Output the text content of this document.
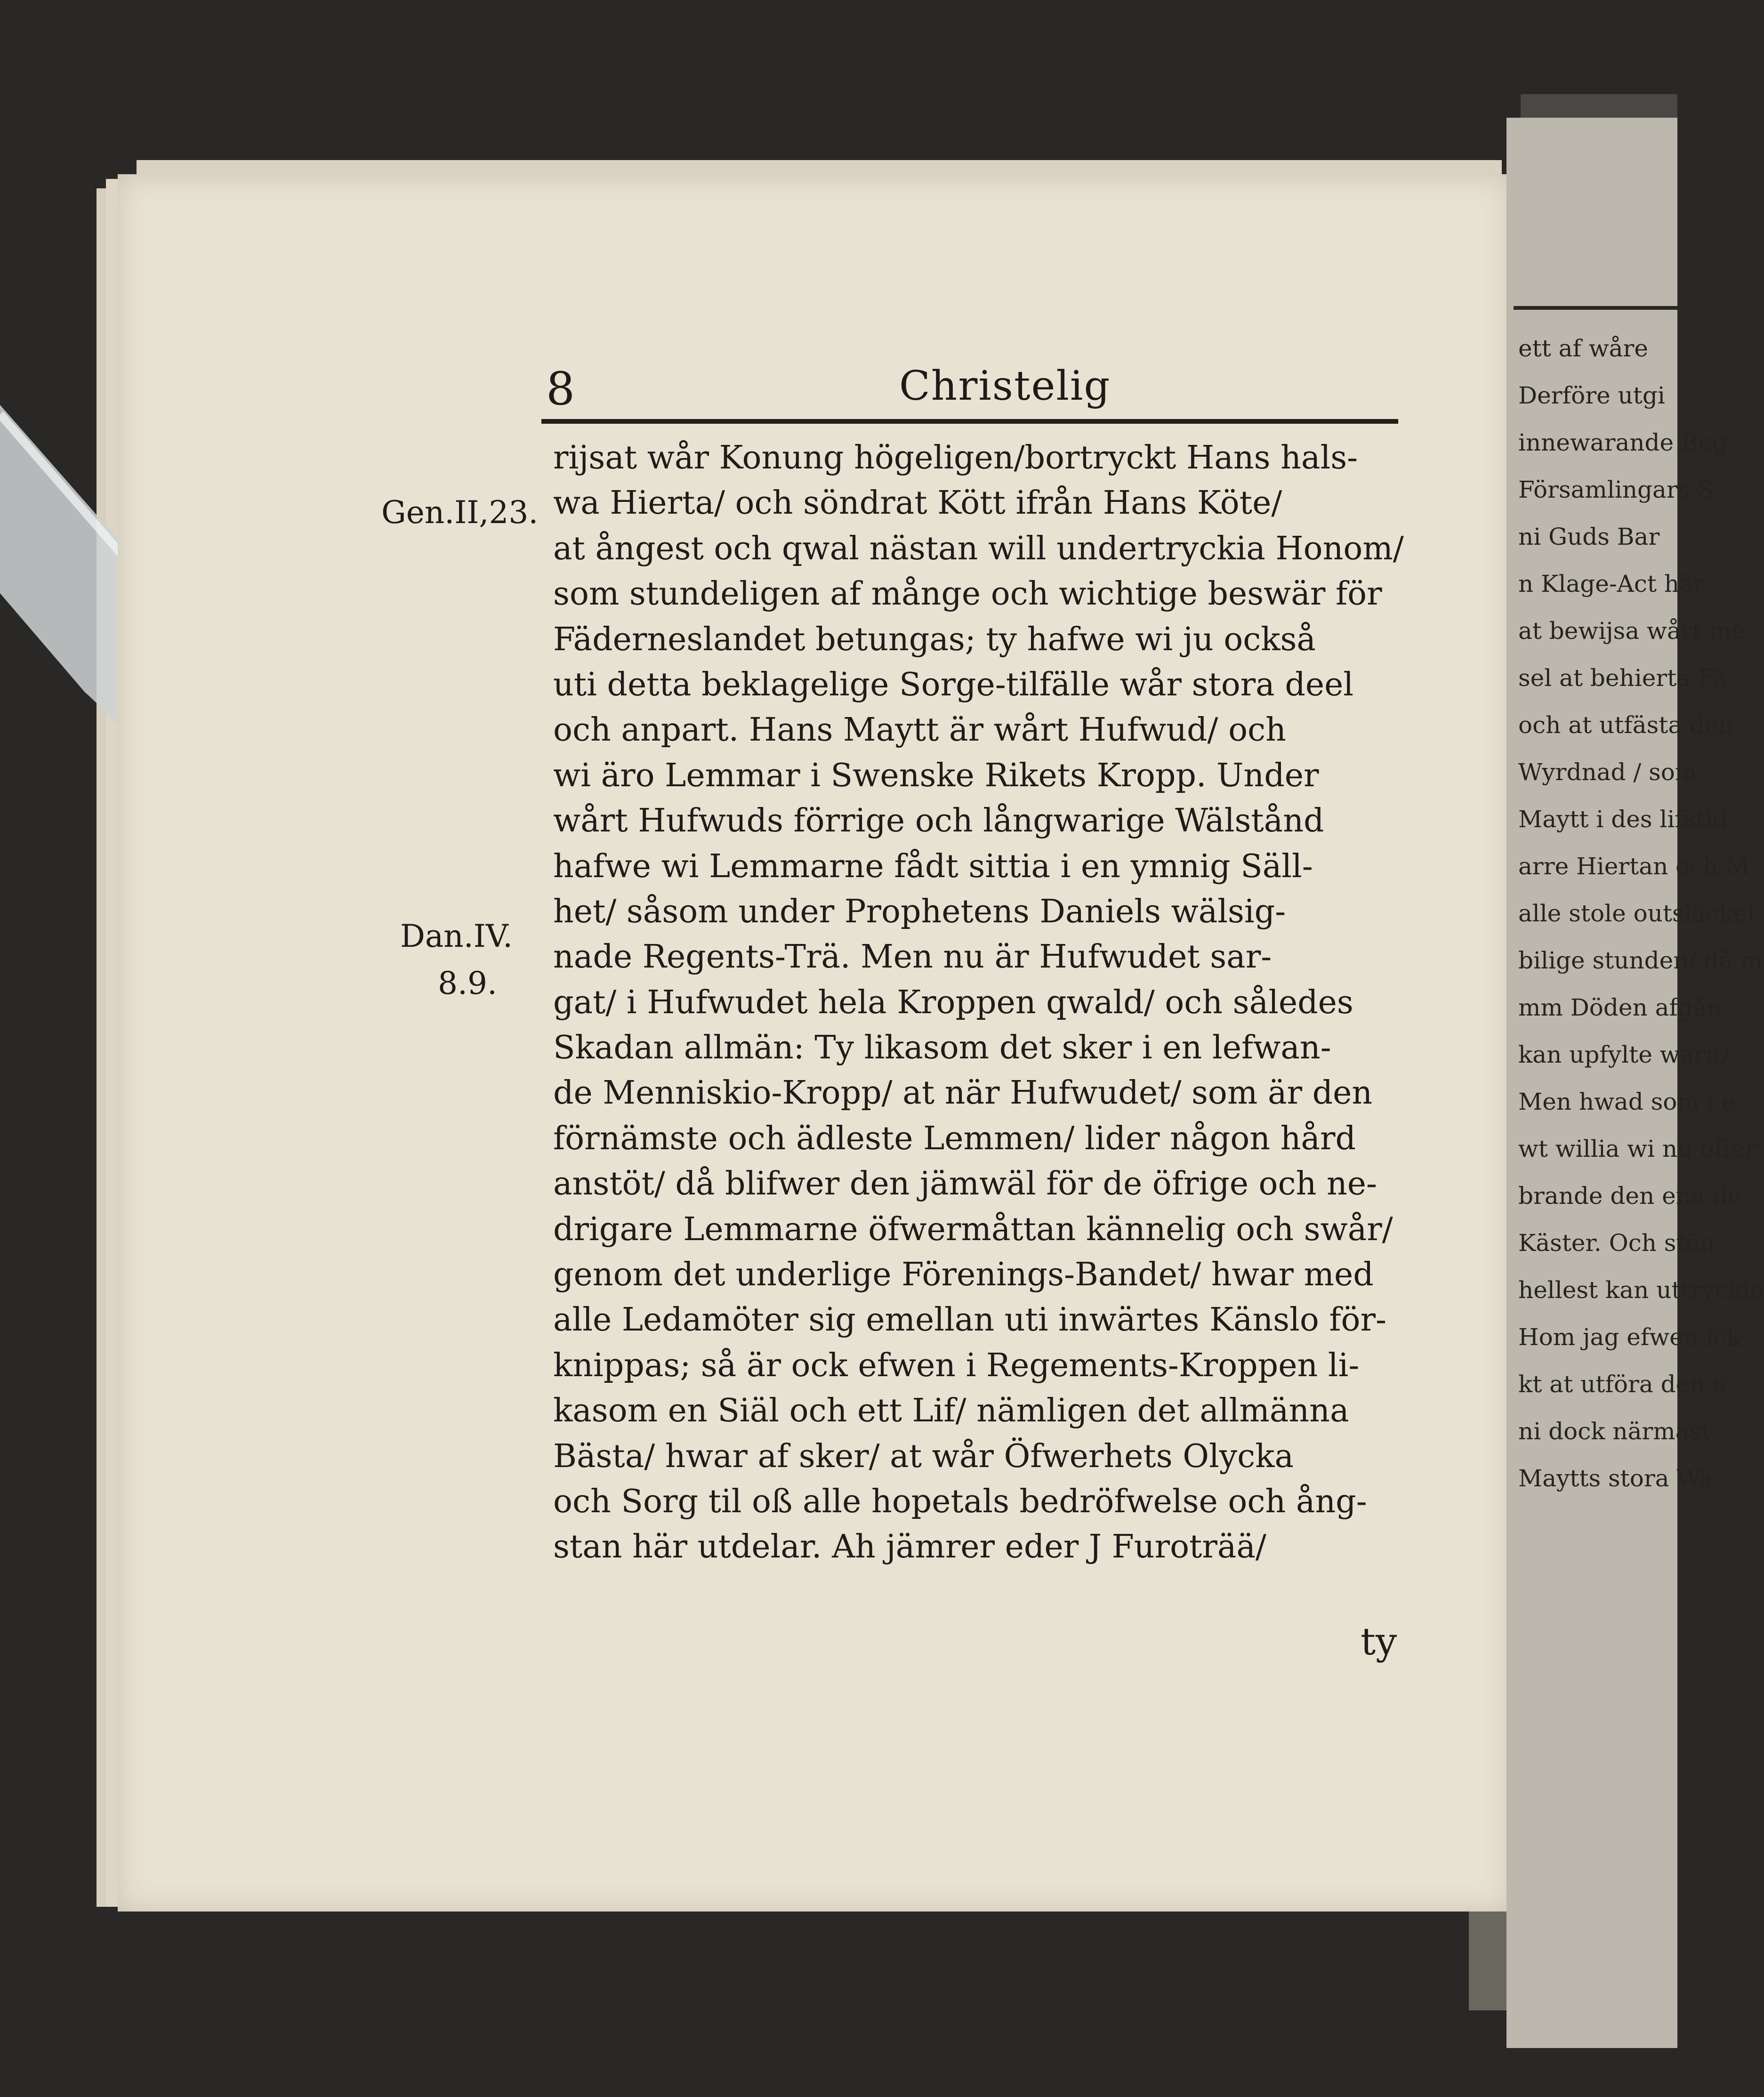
8	Christelig
Gen.II,23.
Dan.IV.
8.9.
rijsat wår Konung högeligen/bortryckt Hans hals-
wa Hierta/ och söndrat Kött ifrån Hans Köte/
at ångest och qwal nästan will undertryckia Honom/
som stundeligen af månge och wichtige beswär för
Fäderneslandet betungas; ty hafwe wi ju också
uti detta beklagelige Sorge-tilfälle wår stora deel
och anpart. Hans Maytt är wårt Hufwud/ och
wi äro Lemmar i Swenske Rikets Kropp. Under
wårt Hufwuds förrige och långwarige Wälstånd
hafwe wi Lemmarne fådt sittia i en ymnig Säll-
het/ såsom under Prophetens Daniels wälsig-
nade Regents-Trä. Men nu är Hufwudet sar-
gat/ i Hufwudet hela Kroppen qwald/ och således
Skadan allmän: Ty likasom det sker i en lefwan-
de Menniskio-Kropp/ at när Hufwudet/ som är den
förnämste och ädleste Lemmen/ lider någon hård
anstöt/ då blifwer den jämwäl för de öfrige och ne-
drigare Lemmarne öfwermåttan kännelig och swår/
genom det underlige Förenings-Bandet/ hwar med
alle Ledamöter sig emellan uti inwärtes Känslo för-
knippas; så är ock efwen i Regements-Kroppen li-
kasom en Siäl och ett Lif/ nämligen det allmänna
Bästa/ hwar af sker/ at wår Öfwerhets Olycka
och Sorg til oß alle hopetals bedröfwelse och ång-
stan här utdelar. Ah jämrer eder J Furoträä/
ty
ett af wåre
Derföre utgi
innewarande Beg
Församlingars S
ni Guds Bar
n Klage-Act här
at bewijsa wårt me
sel at behierta Fä
och at utfästa den
Wyrdnad / som
Maytt i des lifstid
arre Hiertan och M
alle stole outsläckel
bilige stunden/ då m
mm Döden afgån
kan upfylte warit/
Men hwad som i e
wt willia wi nu offer
brande den ena de
Käster. Och stön
hellest kan uttryckio
Hom jag efwen ick
kt at utföra den e
ni dock närmast
Maytts stora Wä
